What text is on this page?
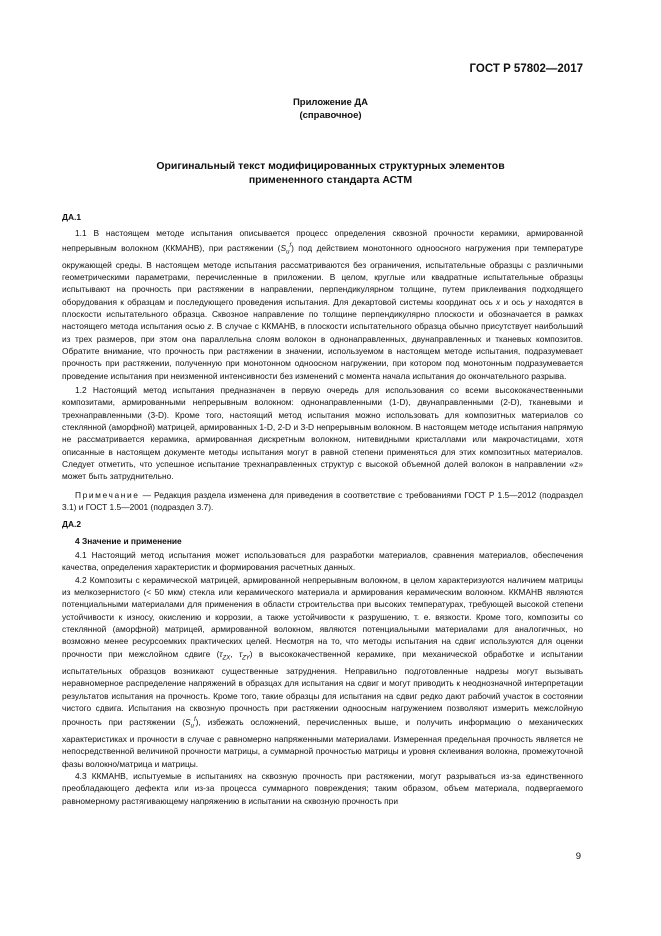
ГОСТ Р 57802—2017
Приложение ДА
(справочное)
Оригинальный текст модифицированных структурных элементов
примененного стандарта АСТМ

ДА.1

1.1 В настоящем методе испытания описывается процесс определения сквозной прочности керамики, армированной непрерывным волокном (ККМАНВ), при растяжении $(S_u^f)$ под действием монотонного одноосного нагружения при температуре окружающей среды. В настоящем методе испытания рассматриваются без ограничения, испытательные образцы с различными геометрическими параметрами, перечисленные в приложении. В целом, круглые или квадратные испытательные образцы испытывают на прочность при растяжении в направлении, перпендикулярном толщине, путем приклеивания подходящего оборудования к образцам и последующего проведения испытания. Для декартовой системы координат ось x и ось y находятся в плоскости испытательного образца. Сквозное направление по толщине перпендикулярно плоскости и обозначается в рамках настоящего метода испытания осью z. В случае с ККМАНВ, в плоскости испытательного образца обычно присутствует наибольший из трех размеров, при этом она параллельна слоям волокон в однонаправленных, двунаправленных и тканевых композитов. Обратите внимание, что прочность при растяжении в значении, используемом в настоящем методе испытания, подразумевает прочность при растяжении, полученную при монотонном одноосном нагружении, при котором под монотонным подразумевается проведение испытания при неизменной интенсивности без изменений с момента начала испытания до окончательного разрыва.

1.2 Настоящий метод испытания предназначен в первую очередь для использования со всеми высококачественными композитами, армированными непрерывным волокном: однонаправленными (1-D), двунаправленными (2-D), тканевыми и трехнаправленными (3-D). Кроме того, настоящий метод испытания можно использовать для композитных материалов со стеклянной (аморфной) матрицей, армированных 1-D, 2-D и 3-D непрерывным волокном. В настоящем методе испытания напрямую не рассматривается керамика, армированная дискретным волокном, нитевидными кристаллами или макрочастицами, хотя описанные в настоящем документе методы испытания могут в равной степени применяться для этих композитных материалов. Следует отметить, что успешное испытание трехнаправленных структур с высокой объемной долей волокон в направлении «z» может быть затруднительно.

Примечание — Редакция раздела изменена для приведения в соответствие с требованиями ГОСТ Р 1.5—2012 (подраздел 3.1) и ГОСТ 1.5—2001 (подраздел 3.7).

ДА.2

4 Значение и применение

4.1 Настоящий метод испытания может использоваться для разработки материалов, сравнения материалов, обеспечения качества, определения характеристик и формирования расчетных данных.

4.2 Композиты с керамической матрицей, армированной непрерывным волокном, в целом характеризуются наличием матрицы из мелкозернистого (< 50 мкм) стекла или керамического материала и армирования керамическим волокном. ККМАНВ являются потенциальными материалами для применения в области строительства при высоких температурах, требующей высокой степени устойчивости к износу, окислению и коррозии, а также устойчивости к разрушению, т. е. вязкости. Кроме того, композиты со стеклянной (аморфной) матрицей, армированной волокном, являются потенциальными материалами для аналогичных, но возможно менее ресурсоемких практических целей. Несмотря на то, что методы испытания на сдвиг используются для оценки прочности при межслойном сдвиге ($\tau_{ZX}$, $\tau_{ZY}$) в высококачественной керамике, при механической обработке и испытании испытательных образцов возникают существенные затруднения. Неправильно подготовленные надрезы могут вызывать неравномерное распределение напряжений в образцах для испытания на сдвиг и могут приводить к неоднозначной интерпретации результатов испытания на прочность. Кроме того, такие образцы для испытания на сдвиг редко дают рабочий участок в состоянии чистого сдвига. Испытания на сквозную прочность при растяжении одноосным нагружением позволяют измерить межслойную прочность при растяжении $(S_u^f)$, избежать осложнений, перечисленных выше, и получить информацию о механических характеристиках и прочности в случае с равномерно напряженными материалами. Измеренная предельная прочность является не непосредственной величиной прочности матрицы, а суммарной прочностью матрицы и уровня склеивания волокна, промежуточной фазы волокно/матрица и матрицы.

4.3 ККМАНВ, испытуемые в испытаниях на сквозную прочность при растяжении, могут разрываться из-за единственного преобладающего дефекта или из-за процесса суммарного повреждения; таким образом, объем материала, подвергаемого равномерному растягивающему напряжению в испытании на сквозную прочность при

9
